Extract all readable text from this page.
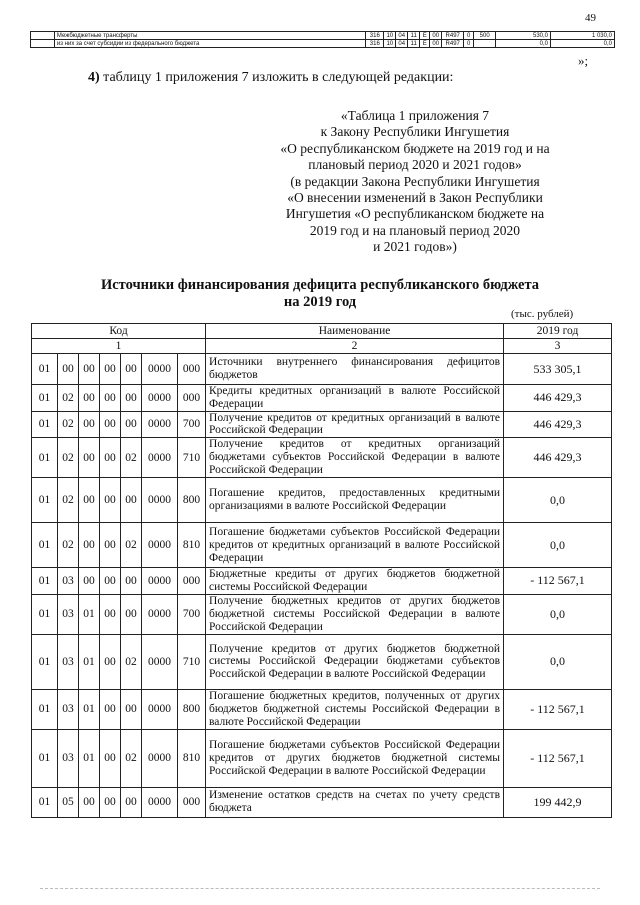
49
	Межбюджетные трансферты	316	10	04	11	E	00	R497	0	500	530,0	1 030,0
	из них за счет субсидии из федерального бюджета	316	10	04	11	E	00	R497	0		0,0	0,0
»;
4) таблицу 1 приложения 7 изложить в следующей редакции:
«Таблица 1 приложения 7
к Закону Республики Ингушетия
«О республиканском бюджете на 2019 год и на
плановый период 2020 и 2021 годов»
(в редакции Закона Республики Ингушетия
«О внесении изменений в Закон Республики
Ингушетия «О республиканском бюджете на
2019 год и на плановый период 2020
и 2021 годов»)
Источники финансирования дефицита республиканского бюджета
на 2019 год
(тыс. рублей)
Код							Наименование	2019 год
1							2	3
01	00	00	00	00	0000	000	Источники внутреннего финансирования дефицитов бюджетов	533 305,1
01	02	00	00	00	0000	000	Кредиты кредитных организаций в валюте Российской Федерации	446 429,3
01	02	00	00	00	0000	700	Получение кредитов от кредитных организаций в валюте Российской Федерации	446 429,3
01	02	00	00	02	0000	710	Получение кредитов от кредитных организаций бюджетами субъектов Российской Федерации в валюте Российской Федерации	446 429,3
01	02	00	00	00	0000	800	Погашение кредитов, предоставленных кредитными организациями в валюте Российской Федерации	0,0
01	02	00	00	02	0000	810	Погашение бюджетами субъектов Российской Федерации кредитов от кредитных организаций в валюте Российской Федерации	0,0
01	03	00	00	00	0000	000	Бюджетные кредиты от других бюджетов бюджетной системы Российской Федерации	- 112 567,1
01	03	01	00	00	0000	700	Получение бюджетных кредитов от других бюджетов бюджетной системы Российской Федерации в валюте Российской Федерации	0,0
01	03	01	00	02	0000	710	Получение кредитов от других бюджетов бюджетной системы Российской Федерации бюджетами субъектов Российской Федерации в валюте Российской Федерации	0,0
01	03	01	00	00	0000	800	Погашение бюджетных кредитов, полученных от других бюджетов бюджетной системы Российской Федерации в валюте Российской Федерации	- 112 567,1
01	03	01	00	02	0000	810	Погашение бюджетами субъектов Российской Федерации кредитов от других бюджетов бюджетной системы Российской Федерации в валюте Российской Федерации	- 112 567,1
01	05	00	00	00	0000	000	Изменение остатков средств на счетах по учету средств бюджета	199 442,9
